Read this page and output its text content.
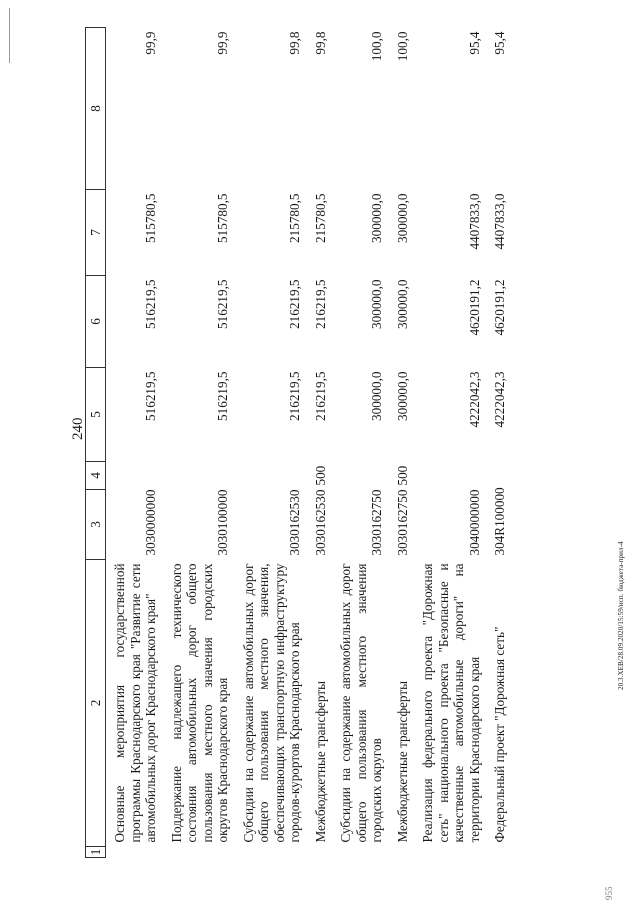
240
20.3.XEB/28.09.2020/15:59/исп. бюджета-прил-4
955
1	2	3	4	5	6	7	8
	Основные мероприятия государственной программы Краснодарского края "Развитие сети автомобильных дорог Краснодарского края"	3030000000		516219,5	516219,5	515780,5	99,9
	Поддержание надлежащего технического состояния автомобильных дорог общего пользования местного значения городских округов Краснодарского края	3030100000		516219,5	516219,5	515780,5	99,9
	Субсидии на содержание автомобильных дорог общего пользования местного значения, обеспечивающих транспортную инфраструктуру городов-курортов Краснодарского края	3030162530		216219,5	216219,5	215780,5	99,8
	Межбюджетные трансферты	3030162530	500	216219,5	216219,5	215780,5	99,8
	Субсидии на содержание автомобильных дорог общего пользования местного значения городских округов	3030162750		300000,0	300000,0	300000,0	100,0
	Межбюджетные трансферты	3030162750	500	300000,0	300000,0	300000,0	100,0
	Реализация федерального проекта "Дорожная сеть" национального проекта "Безопасные и качественные автомобильные дороги" на территории Краснодарского края	3040000000		4222042,3	4620191,2	4407833,0	95,4
	Федеральный проект "Дорожная сеть"	304R100000		4222042,3	4620191,2	4407833,0	95,4
